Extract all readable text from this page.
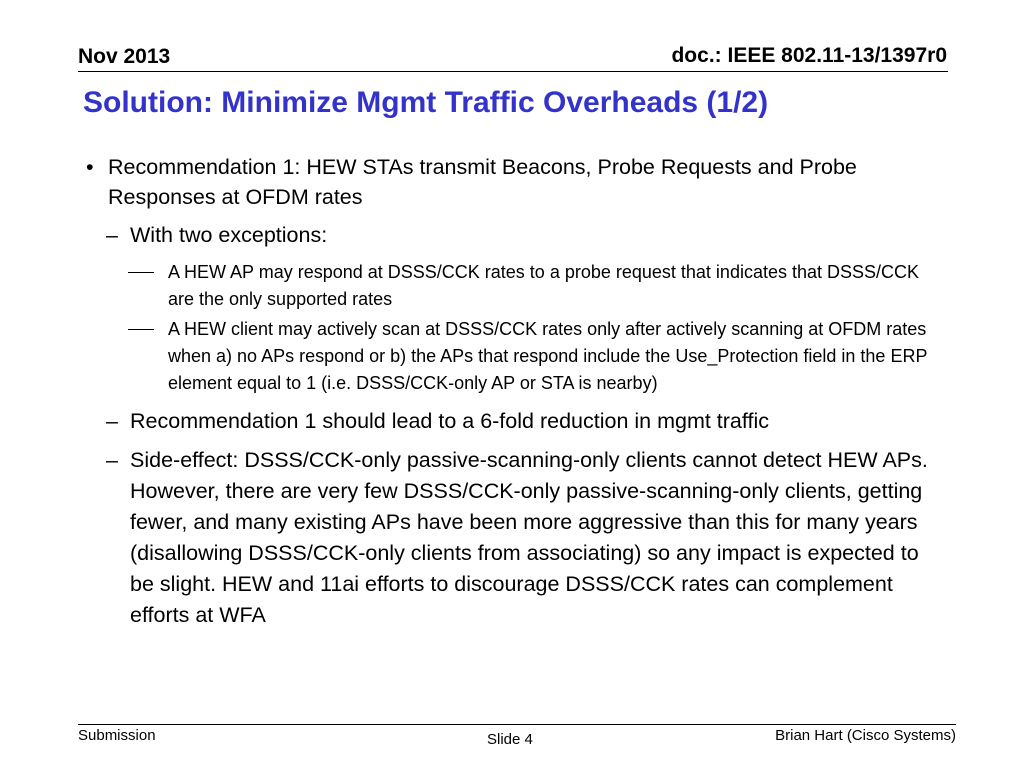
Nov 2013	doc.: IEEE 802.11-13/1397r0
Solution: Minimize Mgmt Traffic Overheads (1/2)
• Recommendation 1: HEW STAs transmit Beacons, Probe Requests and Probe Responses at OFDM rates
– With two exceptions:
A HEW AP may respond at DSSS/CCK rates to a probe request that indicates that DSSS/CCK are the only supported rates
A HEW client may actively scan at DSSS/CCK rates only after actively scanning at OFDM rates when a) no APs respond or b) the APs that respond include the Use_Protection field in the ERP element equal to 1 (i.e. DSSS/CCK-only AP or STA is nearby)
– Recommendation 1 should lead to a 6-fold reduction in mgmt traffic
– Side-effect: DSSS/CCK-only passive-scanning-only clients cannot detect HEW APs. However, there are very few DSSS/CCK-only passive-scanning-only clients, getting fewer, and many existing APs have been more aggressive than this for many years (disallowing DSSS/CCK-only clients from associating) so any impact is expected to be slight. HEW and 11ai efforts to discourage DSSS/CCK rates can complement efforts at WFA
Submission	Slide 4	Brian Hart (Cisco Systems)
